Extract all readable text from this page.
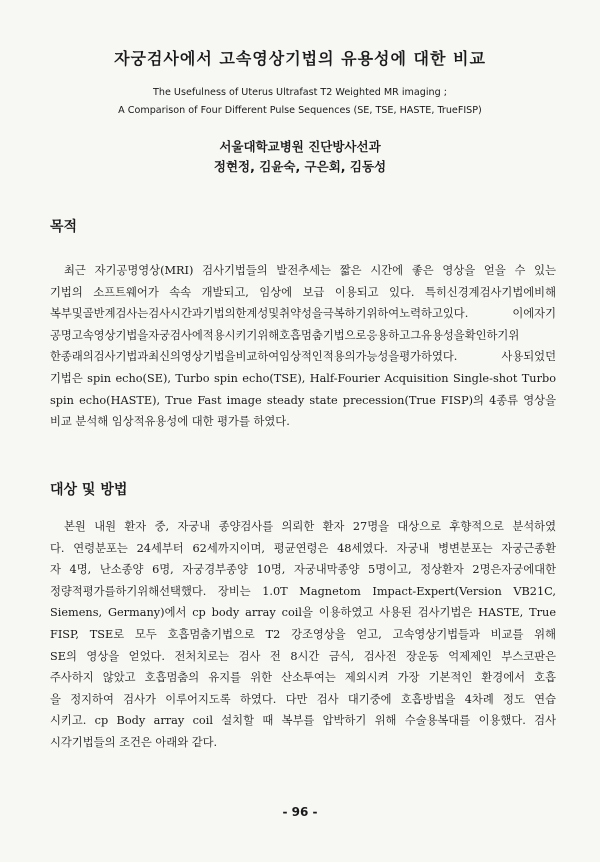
자궁검사에서 고속영상기법의 유용성에 대한 비교
The Usefulness of Uterus Ultrafast T2 Weighted MR imaging ;
A Comparison of Four Different Pulse Sequences (SE, TSE, HASTE, TrueFISP)
서울대학교병원 진단방사선과
정현정, 김윤숙, 구은회, 김동성
목적
최근 자기공명영상(MRI) 검사기법들의 발전추세는 짧은 시간에 좋은 영상을 얻을 수 있는
기법의 소프트웨어가 속속 개발되고, 임상에 보급 이용되고 있다. 특히신경계검사기법에비해
복부및골반계검사는검사시간과기법의한계성및취약성을극복하기위하여노력하고있다. 이에자기
공명고속영상기법을자궁검사에적용시키기위해호흡멈춤기법으로응용하고그유용성을확인하기위
한종래의검사기법과최신의영상기법을비교하여임상적인적용의가능성을평가하였다. 사용되었던
기법은 spin echo(SE), Turbo spin echo(TSE), Half-Fourier Acquisition Single-shot Turbo
spin echo(HASTE), True Fast image steady state precession(True FISP)의 4종류 영상을
비교 분석해 임상적유용성에 대한 평가를 하였다.
대상 및 방법
본원 내원 환자 중, 자궁내 종양검사를 의뢰한 환자 27명을 대상으로 후향적으로 분석하였
다. 연령분포는 24세부터 62세까지이며, 평균연령은 48세였다. 자궁내 병변분포는 자궁근종환
자 4명, 난소종양 6명, 자궁경부종양 10명, 자궁내막종양 5명이고, 정상환자 2명은자궁에대한
정량적평가를하기위해선택했다. 장비는 1.0T Magnetom Impact-Expert(Version VB21C,
Siemens, Germany)에서 cp body array coil을 이용하였고 사용된 검사기법은 HASTE, True
FISP, TSE로 모두 호흡멈춤기법으로 T2 강조영상을 얻고, 고속영상기법들과 비교를 위해
SE의 영상을 얻었다. 전처치로는 검사 전 8시간 금식, 검사전 장운동 억제제인 부스코판은
주사하지 않았고 호흡멈춤의 유지를 위한 산소투여는 제외시켜 가장 기본적인 환경에서 호흡
을 정지하여 검사가 이루어지도록 하였다. 다만 검사 대기중에 호흡방법을 4차례 정도 연습
시키고. cp Body array coil 설치할 때 복부를 압박하기 위해 수술용복대를 이용했다. 검사
시각기법들의 조건은 아래와 같다.
- 96 -
